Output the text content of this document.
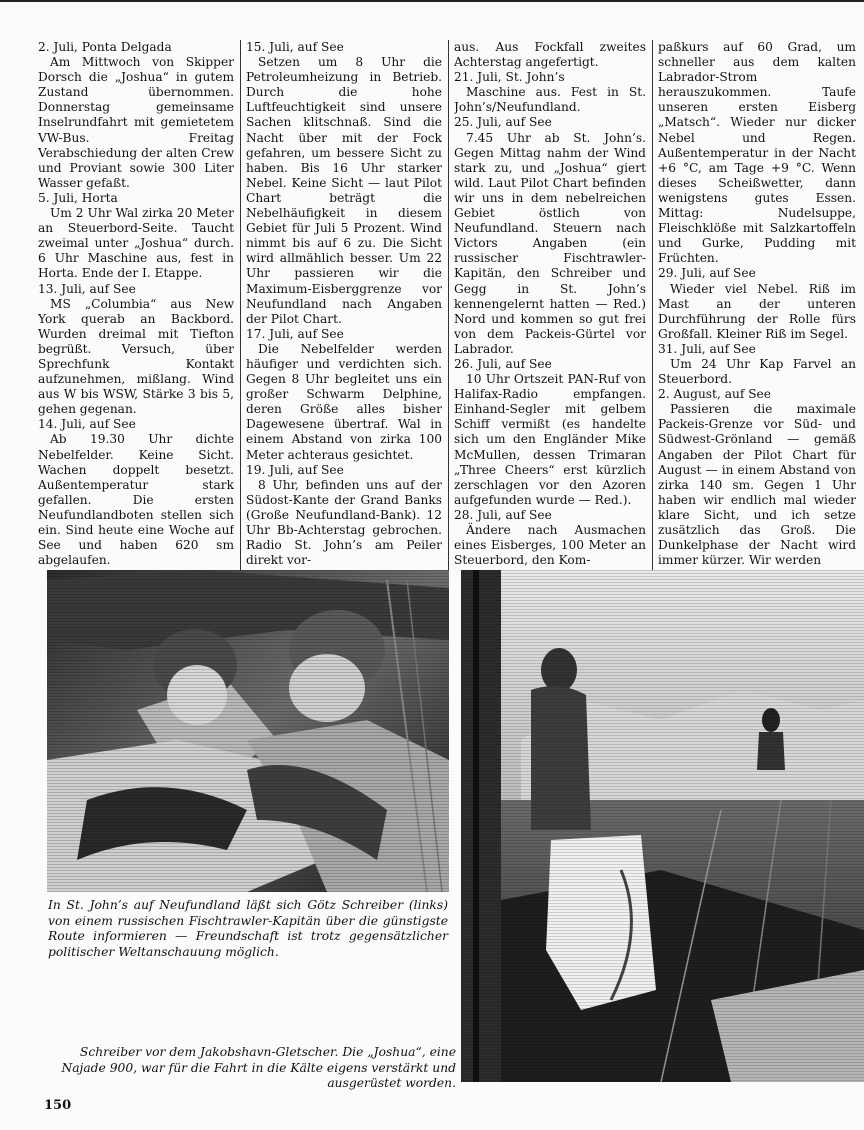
2. Juli, Ponta Delgada

Am Mittwoch von Skipper Dorsch die „Joshua“ in gutem Zustand übernommen. Donnerstag gemeinsame Inselrundfahrt mit gemietetem VW-Bus. Freitag Verabschiedung der alten Crew und Proviant sowie 300 Liter Wasser gefaßt.

5. Juli, Horta

Um 2 Uhr Wal zirka 20 Meter an Steuerbord-Seite. Taucht zweimal unter „Joshua“ durch. 6 Uhr Maschine aus, fest in Horta. Ende der I. Etappe.

13. Juli, auf See

MS „Columbia“ aus New York querab an Backbord. Wurden dreimal mit Tiefton begrüßt. Versuch, über Sprechfunk Kontakt aufzunehmen, mißlang. Wind aus W bis WSW, Stärke 3 bis 5, gehen gegenan.

14. Juli, auf See

Ab 19.30 Uhr dichte Nebelfelder. Keine Sicht. Wachen doppelt besetzt. Außentemperatur stark gefallen. Die ersten Neufundlandboten stellen sich ein. Sind heute eine Woche auf See und haben 620 sm abgelaufen.

15. Juli, auf See

Setzen um 8 Uhr die Petroleumheizung in Betrieb. Durch die hohe Luftfeuchtigkeit sind unsere Sachen klitschnaß. Sind die Nacht über mit der Fock gefahren, um bessere Sicht zu haben. Bis 16 Uhr starker Nebel. Keine Sicht — laut Pilot Chart beträgt die Nebelhäufigkeit in diesem Gebiet für Juli 5 Prozent. Wind nimmt bis auf 6 zu. Die Sicht wird allmählich besser. Um 22 Uhr passieren wir die Maximum-Eisberggrenze vor Neufundland nach Angaben der Pilot Chart.

17. Juli, auf See

Die Nebelfelder werden häufiger und verdichten sich. Gegen 8 Uhr begleitet uns ein großer Schwarm Delphine, deren Größe alles bisher Dagewesene übertraf. Wal in einem Abstand von zirka 100 Meter achteraus gesichtet.

19. Juli, auf See

8 Uhr, befinden uns auf der Südost-Kante der Grand Banks (Große Neufundland-Bank). 12 Uhr Bb-Achterstag gebrochen. Radio St. John’s am Peiler direkt vor-

aus. Aus Fockfall zweites Achterstag angefertigt.

21. Juli, St. John’s

Maschine aus. Fest in St. John’s/Neufundland.

25. Juli, auf See

7.45 Uhr ab St. John’s. Gegen Mittag nahm der Wind stark zu, und „Joshua“ giert wild. Laut Pilot Chart befinden wir uns in dem nebelreichen Gebiet östlich von Neufundland. Steuern nach Victors Angaben (ein russischer Fischtrawler-Kapitän, den Schreiber und Gegg in St. John’s kennengelernt hatten — Red.) Nord und kommen so gut frei von dem Packeis-Gürtel vor Labrador.

26. Juli, auf See

10 Uhr Ortszeit PAN-Ruf von Halifax-Radio empfangen. Einhand-Segler mit gelbem Schiff vermißt (es handelte sich um den Engländer Mike McMullen, dessen Trimaran „Three Cheers“ erst kürzlich zerschlagen vor den Azoren aufgefunden wurde — Red.).

28. Juli, auf See

Ändere nach Ausmachen eines Eisberges, 100 Meter an Steuerbord, den Kom-

paßkurs auf 60 Grad, um schneller aus dem kalten Labrador-Strom herauszukommen. Taufe unseren ersten Eisberg „Matsch“. Wieder nur dicker Nebel und Regen. Außentemperatur in der Nacht +6 °C, am Tage +9 °C. Wenn dieses Scheißwetter, dann wenigstens gutes Essen. Mittag: Nudelsuppe, Fleischklöße mit Salzkartoffeln und Gurke, Pudding mit Früchten.

29. Juli, auf See

Wieder viel Nebel. Riß im Mast an der unteren Durchführung der Rolle fürs Großfall. Kleiner Riß im Segel.

31. Juli, auf See

Um 24 Uhr Kap Farvel an Steuerbord.

2. August, auf See

Passieren die maximale Packeis-Grenze vor Süd- und Südwest-Grönland — gemäß Angaben der Pilot Chart für August — in einem Abstand von zirka 140 sm. Gegen 1 Uhr haben wir endlich mal wieder klare Sicht, und ich setze zusätzlich das Groß. Die Dunkelphase der Nacht wird immer kürzer. Wir werden

In St. John’s auf Neufundland läßt sich Götz Schreiber (links) von einem russischen Fischtrawler-Kapitän über die günstigste Route informieren — Freundschaft ist trotz gegensätzlicher politischer Weltanschauung möglich.
Schreiber vor dem Jakobshavn-Gletscher. Die „Joshua“, eine Najade 900, war für die Fahrt in die Kälte eigens verstärkt und ausgerüstet worden.
150
